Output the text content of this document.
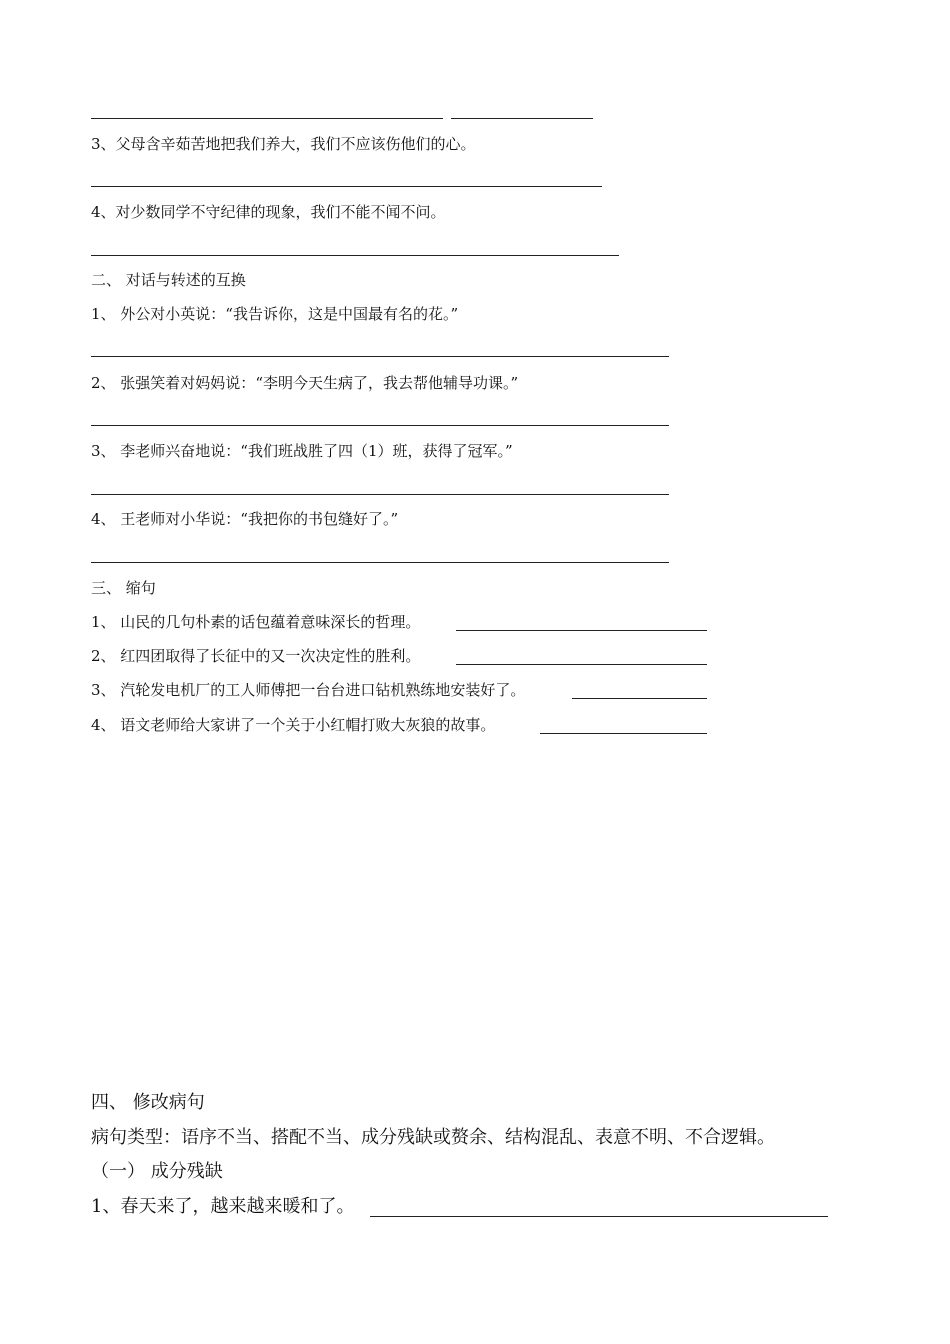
3、父母含辛茹苦地把我们养大，我们不应该伤他们的心。
4、对少数同学不守纪律的现象，我们不能不闻不问。
二、 对话与转述的互换
1、 外公对小英说：“我告诉你，这是中国最有名的花。”
2、 张强笑着对妈妈说：“李明今天生病了，我去帮他辅导功课。”
3、 李老师兴奋地说：“我们班战胜了四（1）班，获得了冠军。”
4、 王老师对小华说：“我把你的书包缝好了。”
三、 缩句
1、 山民的几句朴素的话包蕴着意味深长的哲理。
2、 红四团取得了长征中的又一次决定性的胜利。
3、 汽轮发电机厂的工人师傅把一台台进口钻机熟练地安装好了。
4、 语文老师给大家讲了一个关于小红帽打败大灰狼的故事。
四、 修改病句
病句类型：语序不当、搭配不当、成分残缺或赘余、结构混乱、表意不明、不合逻辑。
（一） 成分残缺
1、春天来了，越来越来暖和了。
